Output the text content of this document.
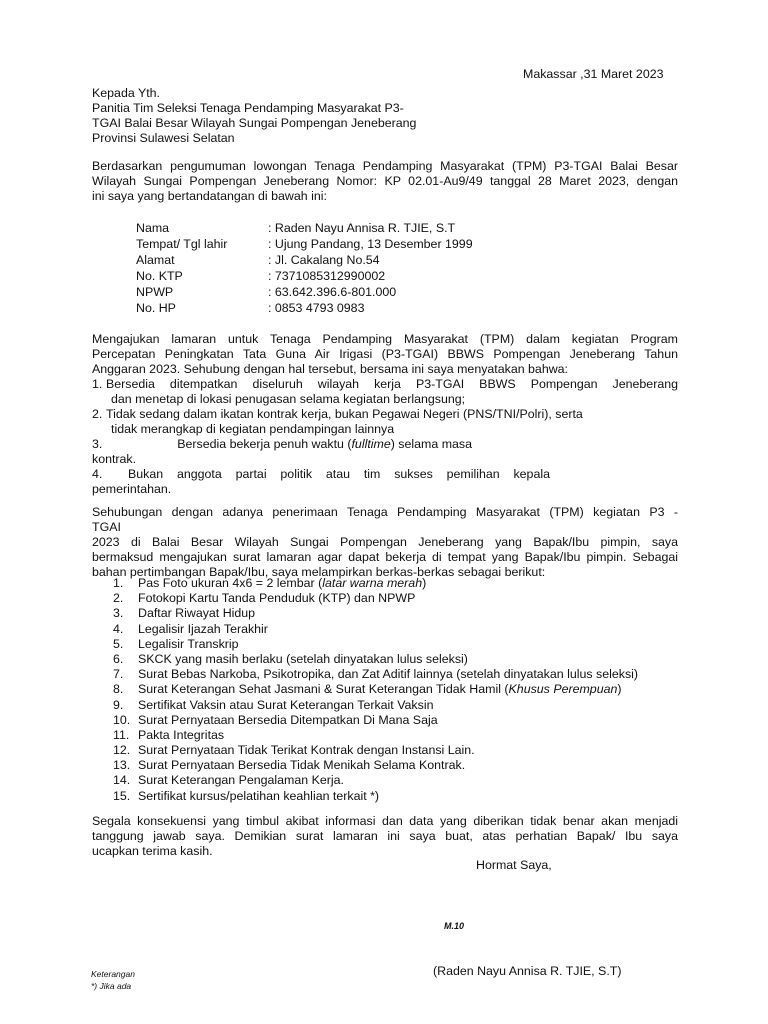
Makassar ,31 Maret 2023

Kepada Yth.

Panitia Tim Seleksi Tenaga Pendamping Masyarakat P3-

TGAI Balai Besar Wilayah Sungai Pompengan Jeneberang

Provinsi Sulawesi Selatan

Berdasarkan pengumuman lowongan Tenaga Pendamping Masyarakat (TPM) P3-TGAI Balai Besar

Wilayah Sungai Pompengan Jeneberang Nomor: KP 02.01-Au9/49 tanggal 28 Maret 2023, dengan

ini saya yang bertandatangan di bawah ini:

Nama	: Raden Nayu Annisa R. TJIE, S.T
Tempat/ Tgl lahir	: Ujung Pandang, 13 Desember 1999
Alamat	: Jl. Cakalang No.54
No. KTP	: 7371085312990002
NPWP	: 63.642.396.6-801.000
No. HP	: 0853 4793 0983

Mengajukan lamaran untuk Tenaga Pendamping Masyarakat (TPM) dalam kegiatan Program

Percepatan Peningkatan Tata Guna Air Irigasi (P3-TGAI) BBWS Pompengan Jeneberang Tahun

Anggaran 2023. Sehubung dengan hal tersebut, bersama ini saya menyatakan bahwa:

1. Bersedia ditempatkan diseluruh wilayah kerja P3-TGAI BBWS Pompengan Jeneberang
dan menetap di lokasi penugasan selama kegiatan berlangsung;
2. Tidak sedang dalam ikatan kontrak kerja, bukan Pegawai Negeri (PNS/TNI/Polri), serta
tidak merangkap di kegiatan pendampingan lainnya
3.	Bersedia bekerja penuh waktu (fulltime) selama masa
kontrak.
4.	Bukan anggota partai politik atau tim sukses pemilihan kepala
pemerintahan.

Sehubungan dengan adanya penerimaan Tenaga Pendamping Masyarakat (TPM) kegiatan P3 -

TGAI

2023 di Balai Besar Wilayah Sungai Pompengan Jeneberang yang Bapak/Ibu pimpin, saya

bermaksud mengajukan surat lamaran agar dapat bekerja di tempat yang Bapak/Ibu pimpin. Sebagai

bahan pertimbangan Bapak/Ibu, saya melampirkan berkas-berkas sebagai berikut:

1.	Pas Foto ukuran 4x6 = 2 lembar ( latar warna merah )
2.	Fotokopi Kartu Tanda Penduduk (KTP) dan NPWP
3.	Daftar Riwayat Hidup
4.	Legalisir Ijazah Terakhir
5.	Legalisir Transkrip
6.	SKCK yang masih berlaku (setelah dinyatakan lulus seleksi)
7.	Surat Bebas Narkoba, Psikotropika, dan Zat Aditif lainnya (setelah dinyatakan lulus seleksi)
8.	Surat Keterangan Sehat Jasmani & Surat Keterangan Tidak Hamil ( Khusus Perempuan )
9.	Sertifikat Vaksin atau Surat Keterangan Terkait Vaksin
10. Surat Pernyataan Bersedia Ditempatkan Di Mana Saja
11. Pakta Integritas
12. Surat Pernyataan Tidak Terikat Kontrak dengan Instansi Lain.
13. Surat Pernyataan Bersedia Tidak Menikah Selama Kontrak.
14. Surat Keterangan Pengalaman Kerja.
15. Sertifikat kursus/pelatihan keahlian terkait *)

Segala konsekuensi yang timbul akibat informasi dan data yang diberikan tidak benar akan menjadi

tanggung jawab saya. Demikian surat lamaran ini saya buat, atas perhatian Bapak/ Ibu saya

ucapkan terima kasih.

Hormat Saya,
M.10
(Raden Nayu Annisa R. TJIE, S.T)
Keterangan
*) Jika ada
